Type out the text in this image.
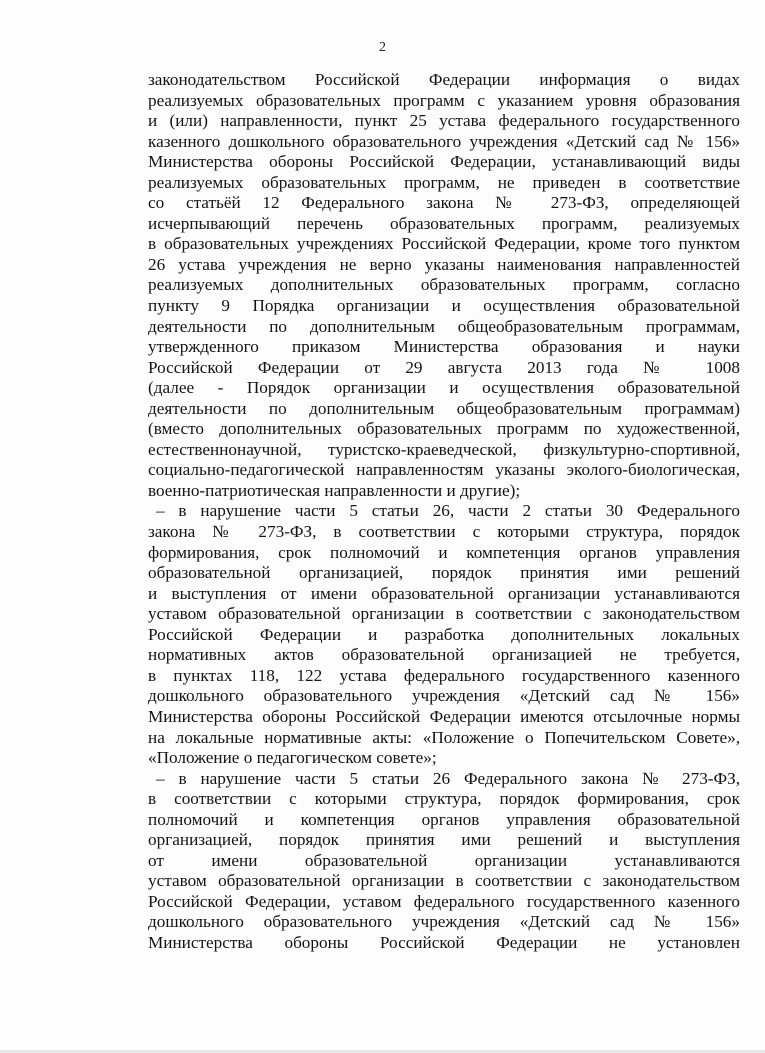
2
законодательством Российской Федерации информация о видах
реализуемых образовательных программ с указанием уровня образования
и (или) направленности, пункт 25 устава федерального государственного
казенного дошкольного образовательного учреждения «Детский сад № 156»
Министерства обороны Российской Федерации, устанавливающий виды
реализуемых образовательных программ, не приведен в соответствие
со статьёй 12 Федерального закона № 273-ФЗ, определяющей
исчерпывающий перечень образовательных программ, реализуемых
в образовательных учреждениях Российской Федерации, кроме того пунктом
26 устава учреждения не верно указаны наименования направленностей
реализуемых дополнительных образовательных программ, согласно
пункту 9 Порядка организации и осуществления образовательной
деятельности по дополнительным общеобразовательным программам,
утвержденного приказом Министерства образования и науки
Российской Федерации от 29 августа 2013 года № 1008
(далее - Порядок организации и осуществления образовательной
деятельности по дополнительным общеобразовательным программам)
(вместо дополнительных образовательных программ по художественной,
естественнонаучной, туристско-краеведческой, физкультурно-спортивной,
социально-педагогической направленностям указаны эколого-биологическая,
военно-патриотическая направленности и другие);
– в нарушение части 5 статьи 26, части 2 статьи 30 Федерального
закона № 273-ФЗ, в соответствии с которыми структура, порядок
формирования, срок полномочий и компетенция органов управления
образовательной организацией, порядок принятия ими решений
и выступления от имени образовательной организации устанавливаются
уставом образовательной организации в соответствии с законодательством
Российской Федерации и разработка дополнительных локальных
нормативных актов образовательной организацией не требуется,
в пунктах 118, 122 устава федерального государственного казенного
дошкольного образовательного учреждения «Детский сад № 156»
Министерства обороны Российской Федерации имеются отсылочные нормы
на локальные нормативные акты: «Положение о Попечительском Совете»,
«Положение о педагогическом совете»;
– в нарушение части 5 статьи 26 Федерального закона № 273-ФЗ,
в соответствии с которыми структура, порядок формирования, срок
полномочий и компетенция органов управления образовательной
организацией, порядок принятия ими решений и выступления
от имени образовательной организации устанавливаются
уставом образовательной организации в соответствии с законодательством
Российской Федерации, уставом федерального государственного казенного
дошкольного образовательного учреждения «Детский сад № 156»
Министерства обороны Российской Федерации не установлен
